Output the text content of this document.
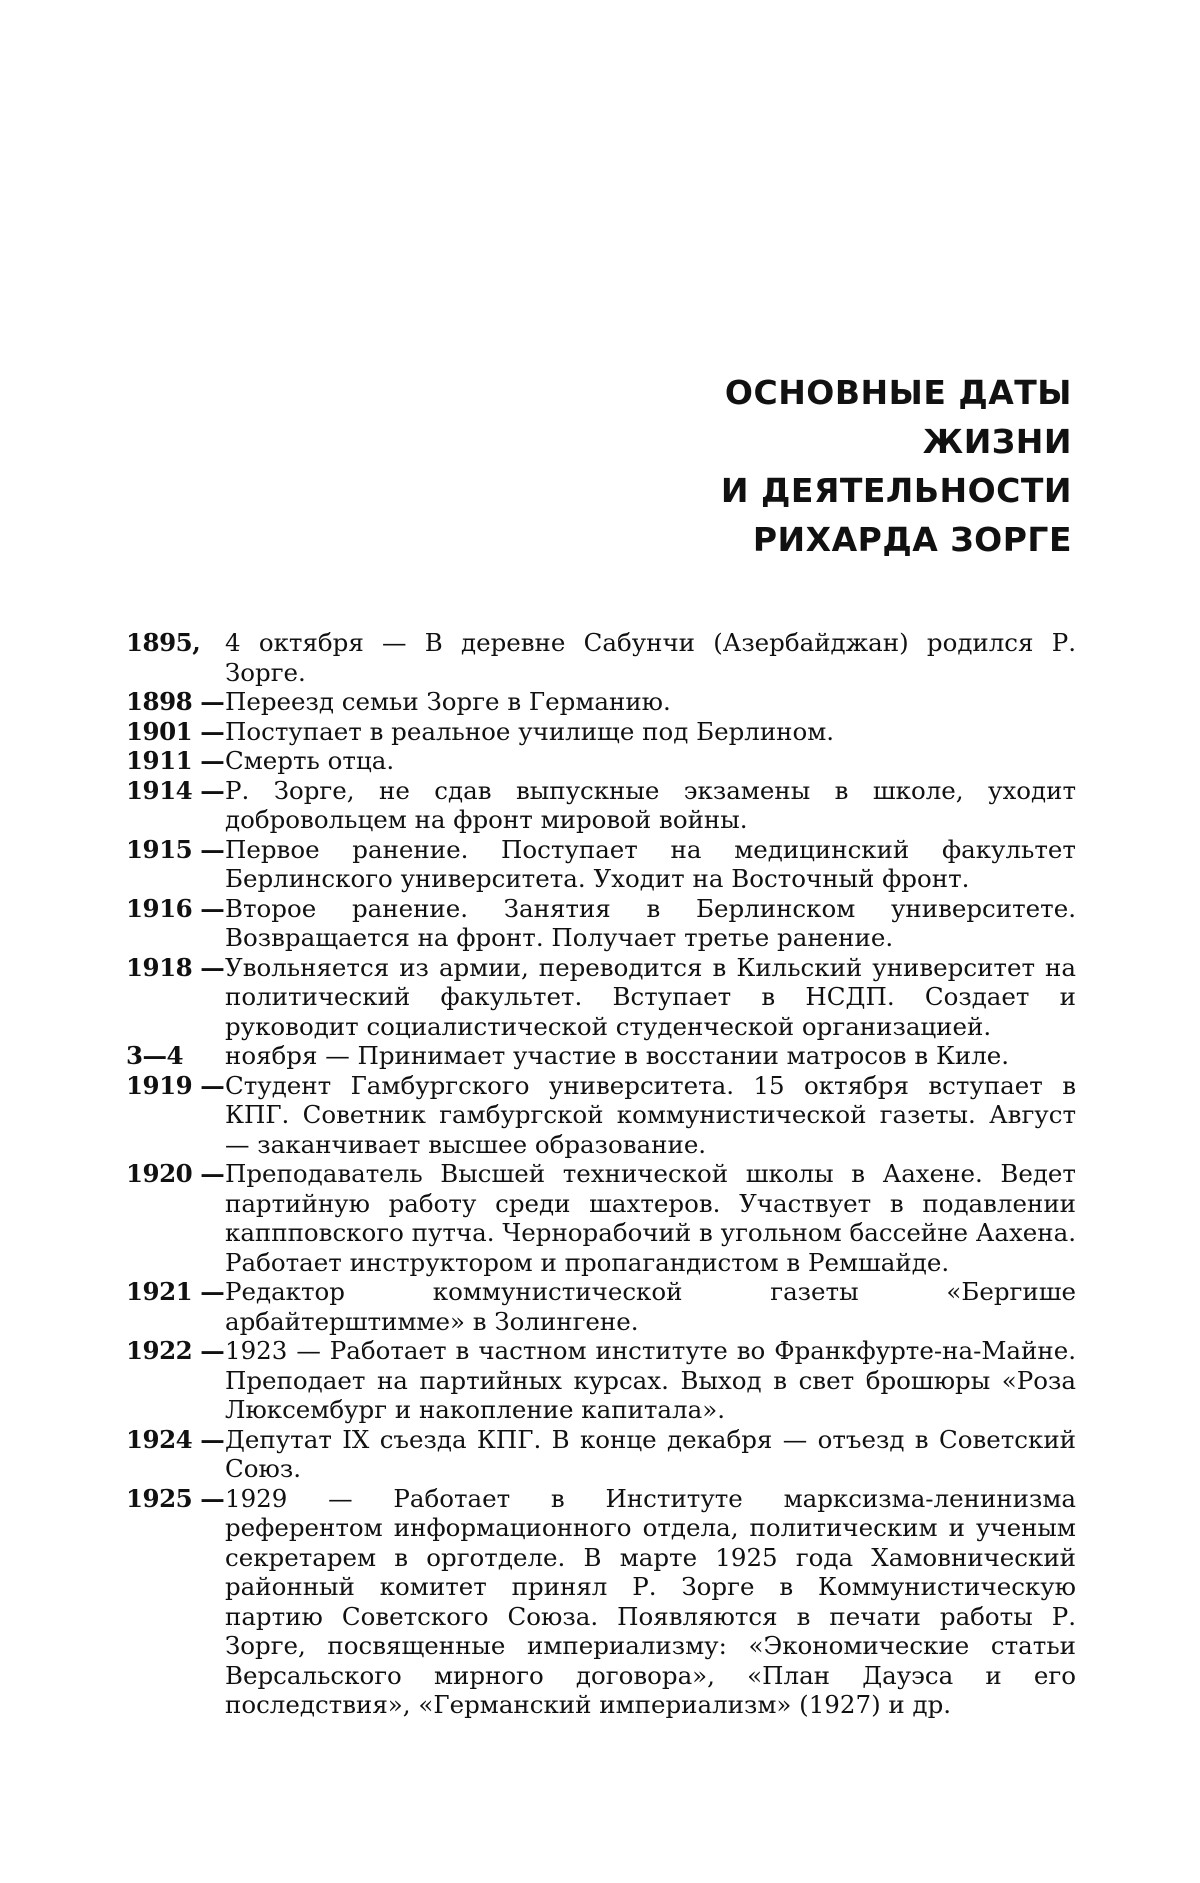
ОСНОВНЫЕ ДАТЫ
ЖИЗНИ
И ДЕЯТЕЛЬНОСТИ
РИХАРДА ЗОРГЕ
1895,	4 октября — В деревне Сабунчи (Азербайджан) родился Р. Зорге.
1898 — Переезд семьи Зорге в Германию.
1901 — Поступает в реальное училище под Берлином.
1911 — Смерть отца.
1914 — Р. Зорге, не сдав выпускные экзамены в школе, уходит добровольцем на фронт мировой войны.
1915 — Первое ранение. Поступает на медицинский факультет Берлинского университета. Уходит на Восточный фронт.
1916 — Второе ранение. Занятия в Берлинском университете. Возвращается на фронт. Получает третье ранение.
1918 — Увольняется из армии, переводится в Кильский университет на политический факультет. Вступает в НСДП. Создает и руководит социалистической студенческой организацией.
3—4	ноября — Принимает участие в восстании матросов в Киле.
1919 — Студент Гамбургского университета. 15 октября вступает в КПГ. Советник гамбургской коммунистической газеты. Август — заканчивает высшее образование.
1920 — Преподаватель Высшей технической школы в Аахене. Ведет партийную работу среди шахтеров. Участвует в подавлении каппповского путча. Чернорабочий в угольном бассейне Аахена. Работает инструктором и пропагандистом в Ремшайде.
1921 — Редактор коммунистической газеты «Бергише арбайтерштимме» в Золингене.
1922 — 1923 — Работает в частном институте во Франкфурте-на-Майне. Преподает на партийных курсах. Выход в свет брошюры «Роза Люксембург и накопление капитала».
1924 — Депутат IX съезда КПГ. В конце декабря — отъезд в Советский Союз.
1925 — 1929 — Работает в Институте марксизма-ленинизма референтом информационного отдела, политическим и ученым секретарем в орготделе. В марте 1925 года Хамовнический районный комитет принял Р. Зорге в Коммунистическую партию Советского Союза. Появляются в печати работы Р. Зорге, посвященные империализму: «Экономические статьи Версальского мирного договора», «План Дауэса и его последствия», «Германский империализм» (1927) и др.
